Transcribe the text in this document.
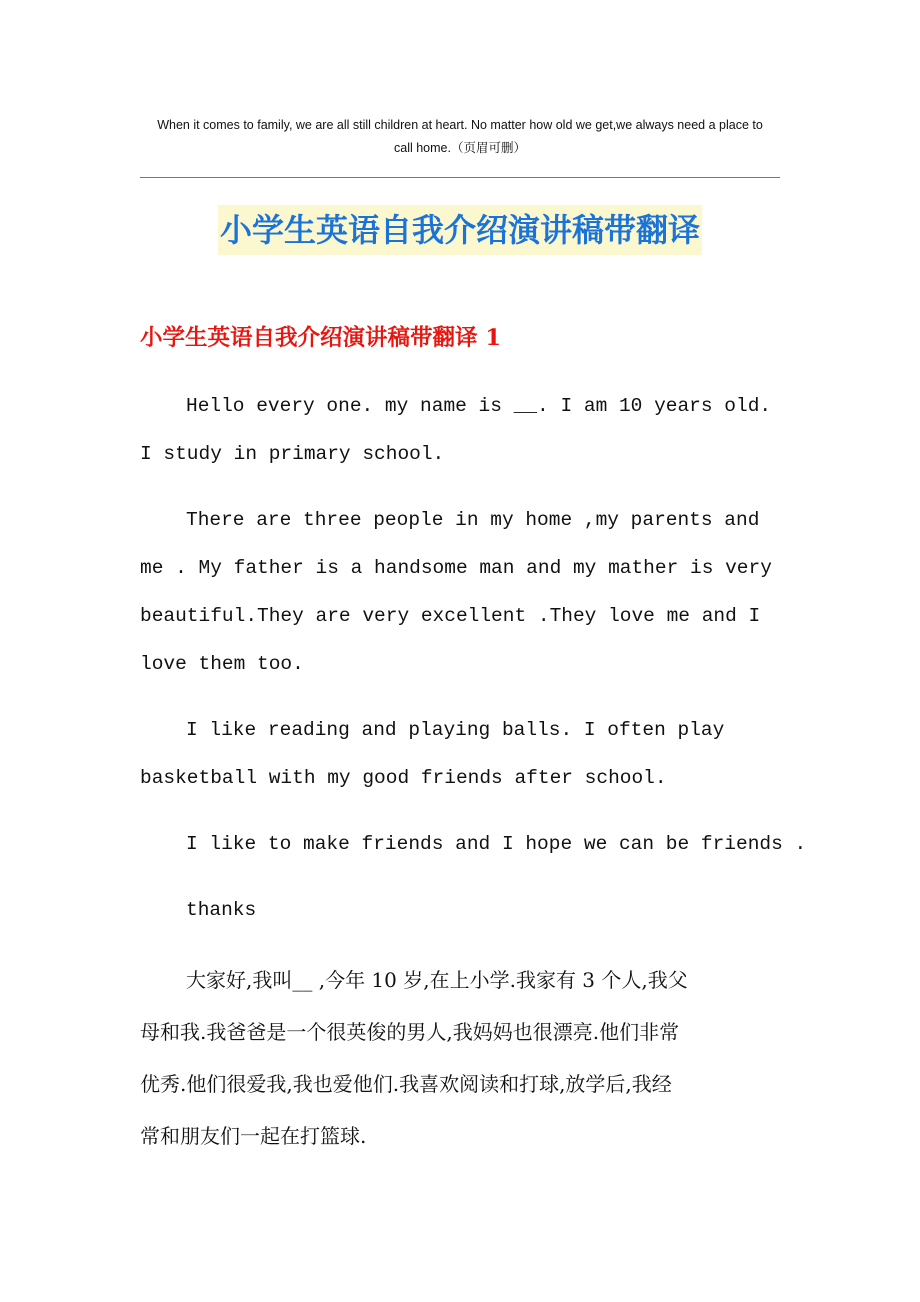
When it comes to family, we are all still children at heart. No matter how old we get,we always need a place to
call home.（页眉可删）
小学生英语自我介绍演讲稿带翻译
小学生英语自我介绍演讲稿带翻译 1
Hello every one. my name is __. I am 10 years old.
I study in primary school.
There are three people in my home ,my parents and
me . My father is a handsome man and my mather is very
beautiful.They are very excellent .They love me and I
love them too.
I like reading and playing balls. I often play
basketball with my good friends after school.
I like to make friends and I hope we can be friends .
thanks
大家好,我叫__ ,今年 10 岁,在上小学.我家有 3 个人,我父
母和我.我爸爸是一个很英俊的男人,我妈妈也很漂亮.他们非常
优秀.他们很爱我,我也爱他们.我喜欢阅读和打球,放学后,我经
常和朋友们一起在打篮球.
